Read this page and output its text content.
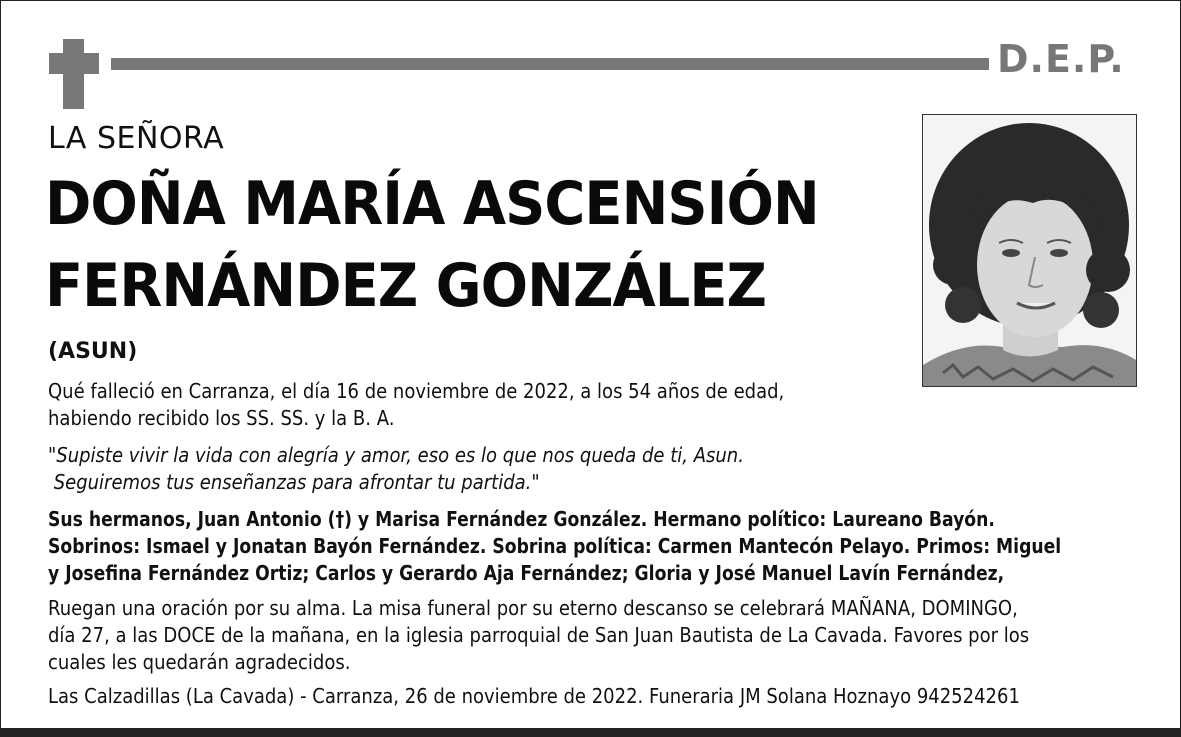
D.E.P.
LA SEÑORA
DOÑA MARÍA ASCENSIÓN
FERNÁNDEZ GONZÁLEZ
(ASUN)
Qué falleció en Carranza, el día 16 de noviembre de 2022, a los 54 años de edad,
habiendo recibido los SS. SS. y la B. A.
"Supiste vivir la vida con alegría y amor, eso es lo que nos queda de ti, Asun.
Seguiremos tus enseñanzas para afrontar tu partida."
Sus hermanos, Juan Antonio (†) y Marisa Fernández González. Hermano político: Laureano Bayón.
Sobrinos: Ismael y Jonatan Bayón Fernández. Sobrina política: Carmen Mantecón Pelayo. Primos: Miguel
y Josefina Fernández Ortiz; Carlos y Gerardo Aja Fernández; Gloria y José Manuel Lavín Fernández,
Ruegan una oración por su alma. La misa funeral por su eterno descanso se celebrará MAÑANA, DOMINGO,
día 27, a las DOCE de la mañana, en la iglesia parroquial de San Juan Bautista de La Cavada. Favores por los
cuales les quedarán agradecidos.
Las Calzadillas (La Cavada) - Carranza, 26 de noviembre de 2022. Funeraria JM Solana Hoznayo 942524261
